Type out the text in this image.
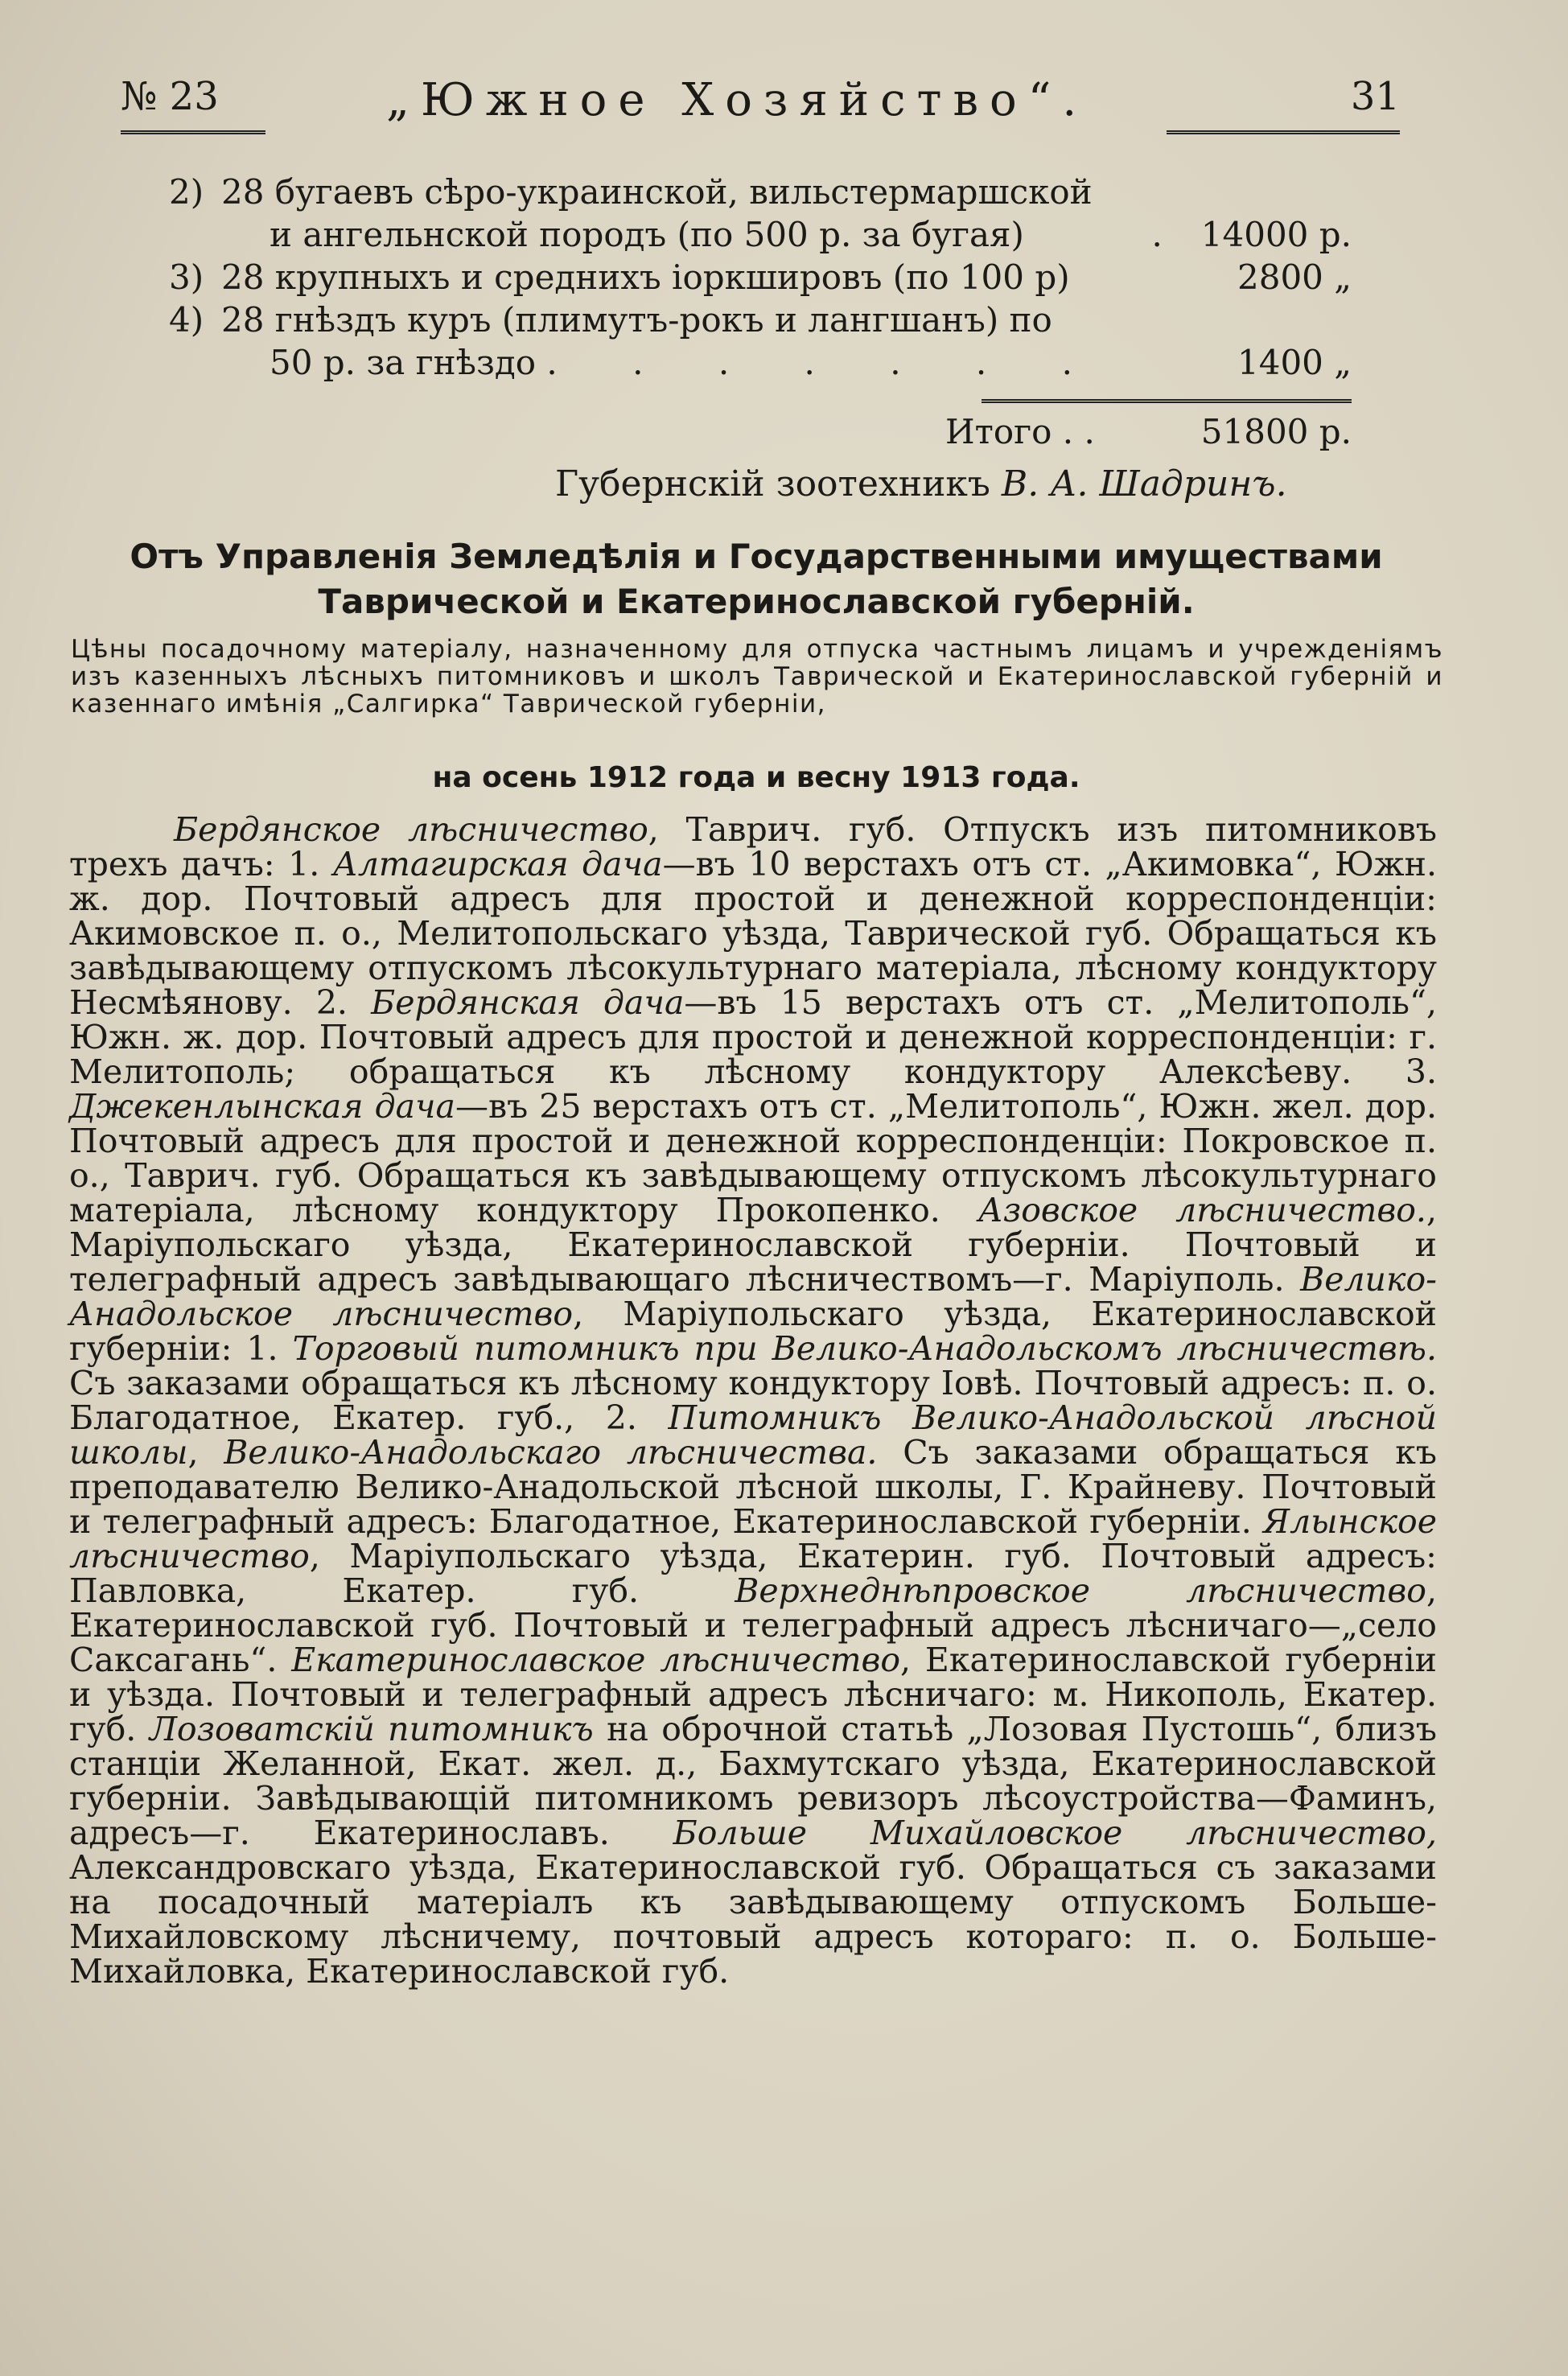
№ 23	„Южное Хозяйство“.	31
2) 28 бугаевъ сѣро-украинской, вильстермаршской
и ангельнской породъ (по 500 р. за бугая)	. 14000 р.
3) 28 крупныхъ и среднихъ іоркшировъ (по 100 р)	2800 „
4) 28 гнѣздъ куръ (плимутъ-рокъ и лангшанъ) по
50 р. за гнѣздо . . . . . . .	1400 „
Итого . .	51800 р.
Губернскій зоотехникъ В. А. Шадринъ.
Отъ Управленія Земледѣлія и Государственными имуществами
Таврической и Екатеринославской губерній.
Цѣны посадочному матеріалу, назначенному для отпуска частнымъ лицамъ и учрежденіямъ изъ казенныхъ лѣсныхъ питомниковъ и школъ Таврической и Екатеринославской губерній и казеннаго имѣнія „Салгирка“ Таврической губерніи,
на осень 1912 года и весну 1913 года.
Бердянское лѣсничество, Таврич. губ. Отпускъ изъ питомниковъ трехъ дачъ: 1. Алтагирская дача—въ 10 верстахъ отъ ст. „Акимовка“, Южн. ж. дор. Почтовый адресъ для простой и денежной корреспонденціи: Акимовское п. о., Мелитопольскаго уѣзда, Таврической губ. Обращаться къ завѣдывающему отпускомъ лѣсокультурнаго матеріала, лѣсному кондуктору Несмѣянову. 2. Бердянская дача—въ 15 верстахъ отъ ст. „Мелитополь“, Южн. ж. дор. Почтовый адресъ для простой и денежной корреспонденціи: г. Мелитополь; обращаться къ лѣсному кондуктору Алексѣеву. 3. Джекенлынская дача—въ 25 верстахъ отъ ст. „Мелитополь“, Южн. жел. дор. Почтовый адресъ для простой и денежной корреспонденціи: Покровское п. о., Таврич. губ. Обращаться къ завѣдывающему отпускомъ лѣсокультурнаго матеріала, лѣсному кондуктору Прокопенко. Азовское лѣсничество., Маріупольскаго уѣзда, Екатеринославской губерніи. Почтовый и телеграфный адресъ завѣдывающаго лѣсничествомъ—г. Маріуполь. Велико-Анадольское лѣсничество, Маріупольскаго уѣзда, Екатеринославской губерніи: 1. Торговый питомникъ при Велико-Анадольскомъ лѣсничествѣ. Съ заказами обращаться къ лѣсному кондуктору Іовѣ. Почтовый адресъ: п. о. Благодатное, Екатер. губ., 2. Питомникъ Велико-Анадольской лѣсной школы, Велико-Анадольскаго лѣсничества. Съ заказами обращаться къ преподавателю Велико-Анадольской лѣсной школы, Г. Крайневу. Почтовый и телеграфный адресъ: Благодатное, Екатеринославской губерніи. Ялынское лѣсничество, Маріупольскаго уѣзда, Екатерин. губ. Почтовый адресъ: Павловка, Екатер. губ. Верхнеднѣпровское лѣсничество, Екатеринославской губ. Почтовый и телеграфный адресъ лѣсничаго—„село Саксагань“. Екатеринославское лѣсничество, Екатеринославской губерніи и уѣзда. Почтовый и телеграфный адресъ лѣсничаго: м. Никополь, Екатер. губ. Лозоватскій питомникъ на оброчной статьѣ „Лозовая Пустошь“, близъ станціи Желанной, Екат. жел. д., Бахмутскаго уѣзда, Екатеринославской губерніи. Завѣдывающій питомникомъ ревизоръ лѣсоустройства—Фаминъ, адресъ—г. Екатеринославъ. Больше Михайловское лѣсничество, Александровскаго уѣзда, Екатеринославской губ. Обращаться съ заказами на посадочный матеріалъ къ завѣдывающему отпускомъ Больше-Михайловскому лѣсничему, почтовый адресъ котораго: п. о. Больше-Михайловка, Екатеринославской губ.
